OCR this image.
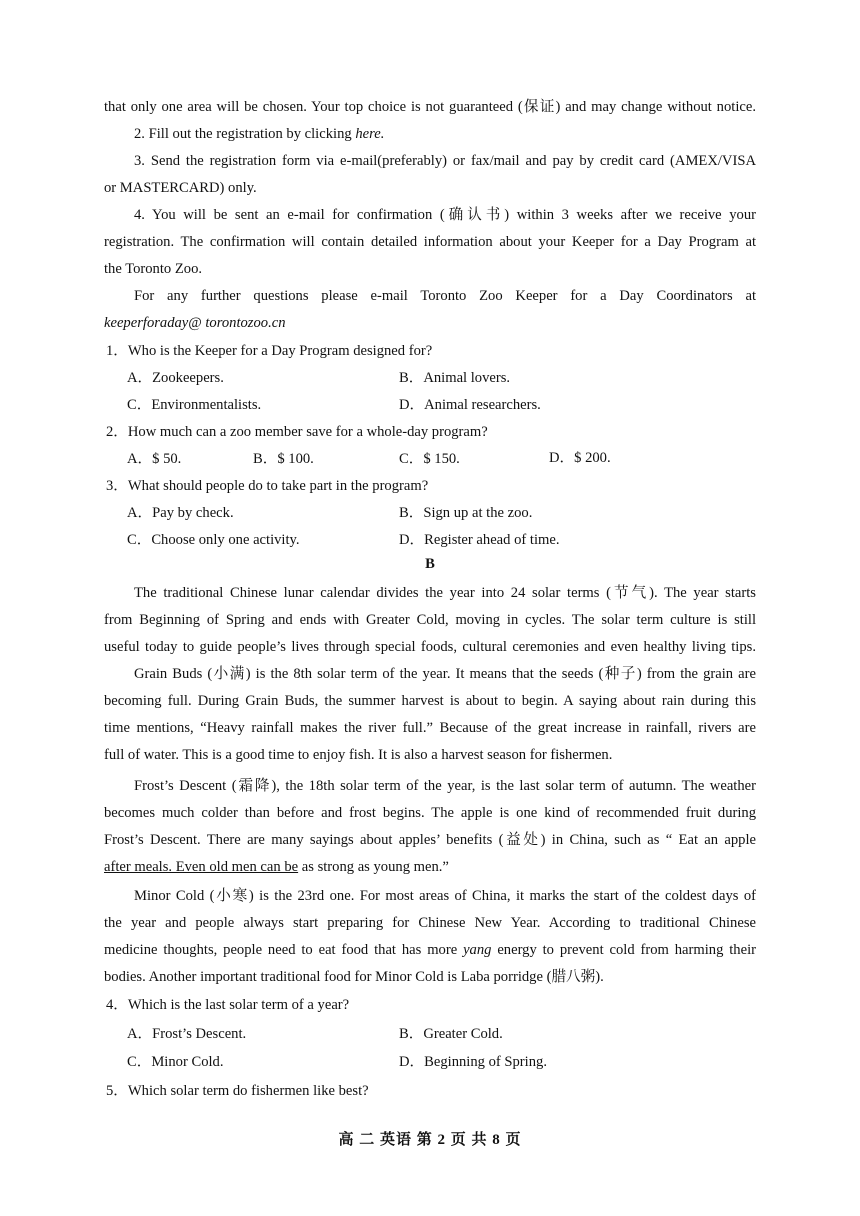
that only one area will be chosen. Your top choice is not guaranteed (保证) and may change without notice.
2. Fill out the registration by clicking here.
3. Send the registration form via e-mail(preferably) or fax/mail and pay by credit card (AMEX/VISA
or MASTERCARD) only.
4. You will be sent an e-mail for confirmation (确认书) within 3 weeks after we receive your
registration. The confirmation will contain detailed information about your Keeper for a Day Program at
the Toronto Zoo.
For any further questions please e-mail Toronto Zoo Keeper for a Day Coordinators at
keeperforaday@ torontozoo.cn
1．Who is the Keeper for a Day Program designed for?
A．Zookeepers.	B．Animal lovers.
C．Environmentalists.	D．Animal researchers.
2．How much can a zoo member save for a whole-day program?
A．$ 50.	B．$ 100.	C．$ 150.	D．$ 200.
3．What should people do to take part in the program?
A．Pay by check.	B．Sign up at the zoo.
C．Choose only one activity.	D．Register ahead of time.
B
The traditional Chinese lunar calendar divides the year into 24 solar terms (节气). The year starts
from Beginning of Spring and ends with Greater Cold, moving in cycles. The solar term culture is still
useful today to guide people’s lives through special foods, cultural ceremonies and even healthy living tips.
Grain Buds (小满) is the 8th solar term of the year. It means that the seeds (种子) from the grain are
becoming full. During Grain Buds, the summer harvest is about to begin. A saying about rain during this
time mentions, “Heavy rainfall makes the river full.” Because of the great increase in rainfall, rivers are
full of water. This is a good time to enjoy fish. It is also a harvest season for fishermen.
Frost’s Descent (霜降), the 18th solar term of the year, is the last solar term of autumn. The weather
becomes much colder than before and frost begins. The apple is one kind of recommended fruit during
Frost’s Descent. There are many sayings about apples’ benefits (益处) in China, such as “ Eat an apple
after meals. Even old men can be as strong as young men.”
Minor Cold (小寒) is the 23rd one. For most areas of China, it marks the start of the coldest days of
the year and people always start preparing for Chinese New Year. According to traditional Chinese
medicine thoughts, people need to eat food that has more yang energy to prevent cold from harming their
bodies. Another important traditional food for Minor Cold is Laba porridge (腊八粥).
4．Which is the last solar term of a year?
A．Frost’s Descent.	B．Greater Cold.
C．Minor Cold.	D．Beginning of Spring.
5．Which solar term do fishermen like best?
高 二 英语 第 2 页 共 8 页
